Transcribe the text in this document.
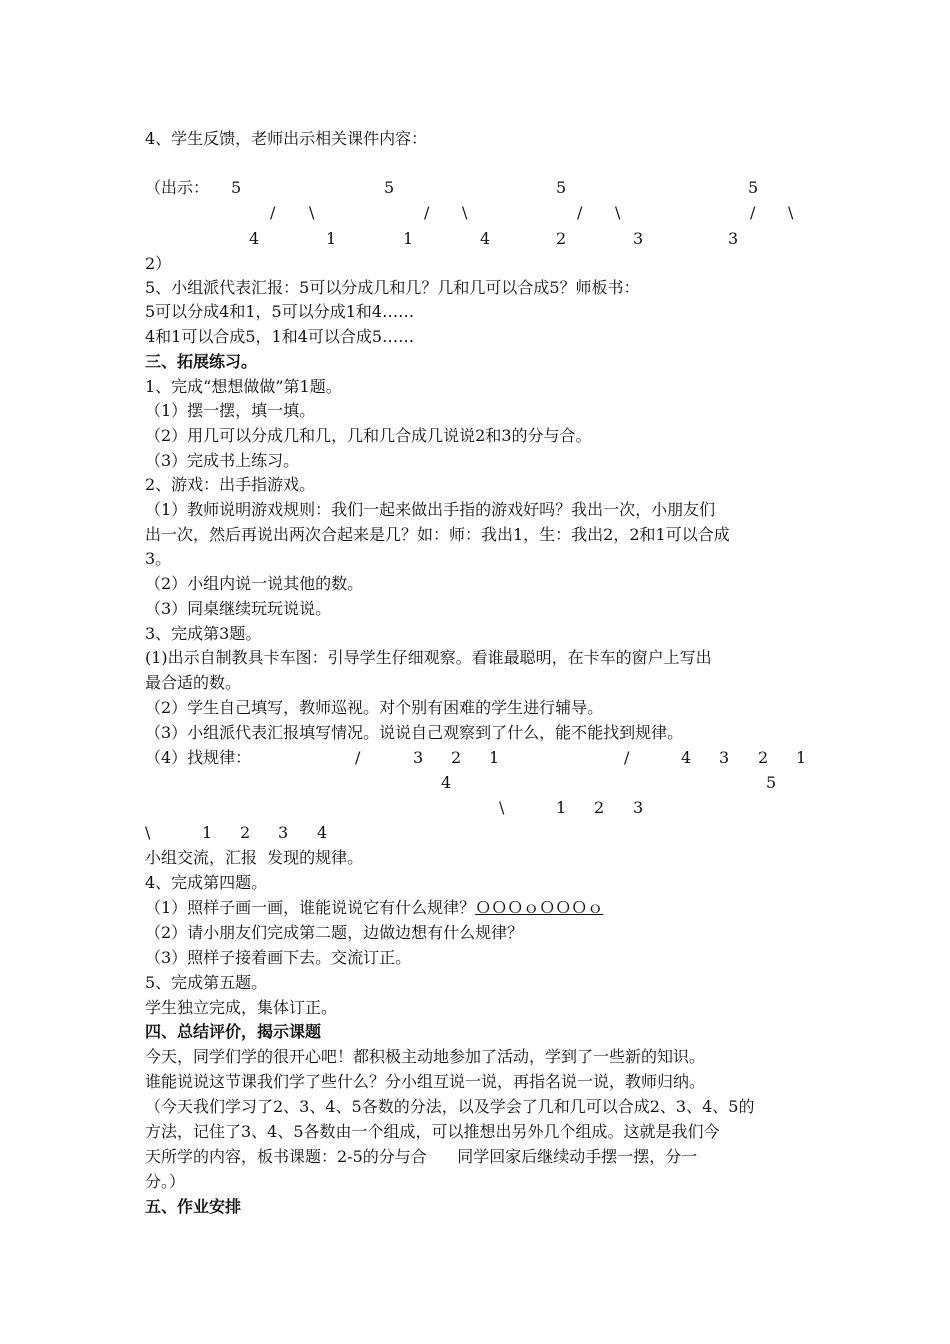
4、学生反馈，老师出示相关课件内容：
（出示： 5	5	5	5
/ \	/ \	/ \	/ \
4	1	1	4	2	3	3
2）
5、小组派代表汇报：5可以分成几和几？几和几可以合成5？师板书：
5可以分成4和1，5可以分成1和4……
4和1可以合成5，1和4可以合成5……
三、拓展练习。
1、完成“想想做做”第1题。
（1）摆一摆，填一填。
（2）用几可以分成几和几，几和几合成几说说2和3的分与合。
（3）完成书上练习。
2、游戏：出手指游戏。
（1）教师说明游戏规则：我们一起来做出手指的游戏好吗？我出一次，小朋友们
出一次，然后再说出两次合起来是几？如：师：我出1，生：我出2，2和1可以合成
3。
（2）小组内说一说其他的数。
（3）同桌继续玩玩说说。
3、完成第3题。
(1)出示自制教具卡车图：引导学生仔细观察。看谁最聪明，在卡车的窗户上写出
最合适的数。
（2）学生自己填写，教师巡视。对个别有困难的学生进行辅导。
（3）小组派代表汇报填写情况。说说自己观察到了什么，能不能找到规律。
（4）找规律：	/	3 2 1	/	4 3 2 1
4	5
\	1 2 3
\	1 2 3 4
小组交流，汇报  发现的规律。
4、完成第四题。
（1）照样子画一画，谁能说说它有什么规律？ＯＯＯｏＯＯＯｏ
（2）请小朋友们完成第二题，边做边想有什么规律？
（3）照样子接着画下去。交流订正。
5、完成第五题。
学生独立完成，集体订正。
四、总结评价，揭示课题
今天，同学们学的很开心吧！都积极主动地参加了活动，学到了一些新的知识。
谁能说说这节课我们学了些什么？分小组互说一说，再指名说一说，教师归纳。
（今天我们学习了2、3、4、5各数的分法，以及学会了几和几可以合成2、3、4、5的
方法，记住了3、4、5各数由一个组成，可以推想出另外几个组成。这就是我们今
天所学的内容，板书课题：2-5的分与合      同学回家后继续动手摆一摆，分一
分。）
五、作业安排
